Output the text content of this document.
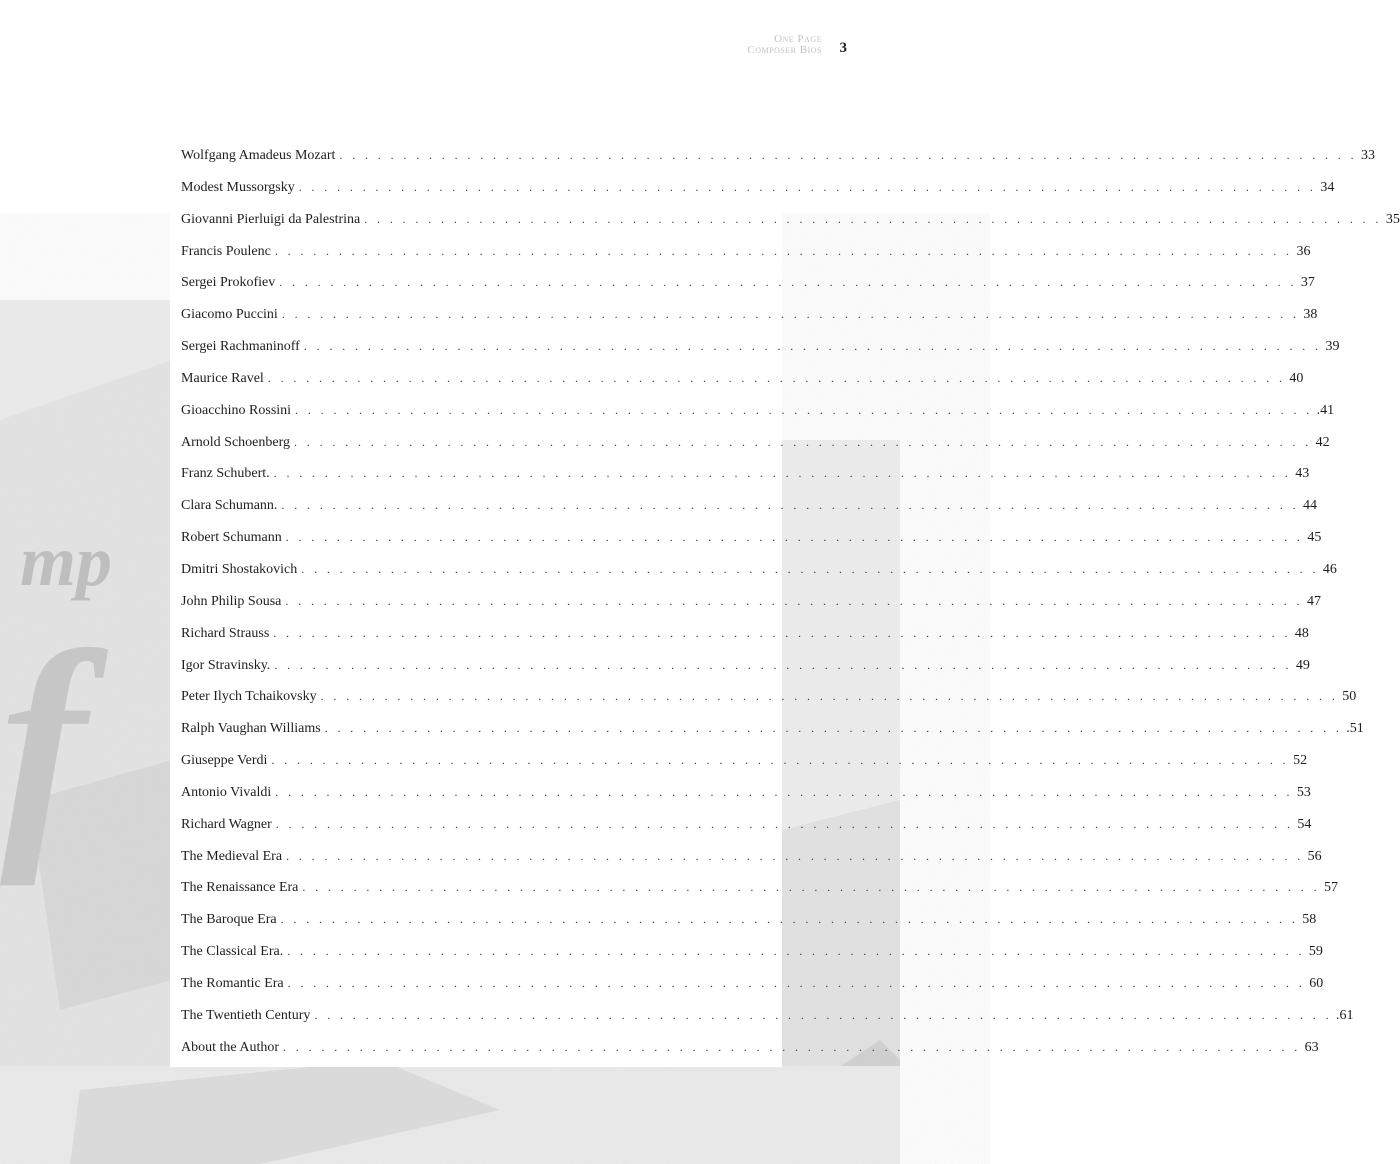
One Page
Composer Bios 3
Wolfgang Amadeus Mozart . . . . . . . . . . . . . . . . . . . . . . . . . . . . . . . . . . . . . . . . . . . . . . . . . . . . . . . . . . . . . . . . . . . . . . . . . . . . . . . . 33
Modest Mussorgsky . . . . . . . . . . . . . . . . . . . . . . . . . . . . . . . . . . . . . . . . . . . . . . . . . . . . . . . . . . . . . . . . . . . . . . . . . . . . . . . . 34
Giovanni Pierluigi da Palestrina . . . . . . . . . . . . . . . . . . . . . . . . . . . . . . . . . . . . . . . . . . . . . . . . . . . . . . . . . . . . . . . . . . . . . . . . . . . . . . . . 35
Francis Poulenc . . . . . . . . . . . . . . . . . . . . . . . . . . . . . . . . . . . . . . . . . . . . . . . . . . . . . . . . . . . . . . . . . . . . . . . . . . . . . . . . 36
Sergei Prokofiev . . . . . . . . . . . . . . . . . . . . . . . . . . . . . . . . . . . . . . . . . . . . . . . . . . . . . . . . . . . . . . . . . . . . . . . . . . . . . . . . 37
Giacomo Puccini . . . . . . . . . . . . . . . . . . . . . . . . . . . . . . . . . . . . . . . . . . . . . . . . . . . . . . . . . . . . . . . . . . . . . . . . . . . . . . . . 38
Sergei Rachmaninoff . . . . . . . . . . . . . . . . . . . . . . . . . . . . . . . . . . . . . . . . . . . . . . . . . . . . . . . . . . . . . . . . . . . . . . . . . . . . . . . . 39
Maurice Ravel . . . . . . . . . . . . . . . . . . . . . . . . . . . . . . . . . . . . . . . . . . . . . . . . . . . . . . . . . . . . . . . . . . . . . . . . . . . . . . . . 40
Gioacchino Rossini . . . . . . . . . . . . . . . . . . . . . . . . . . . . . . . . . . . . . . . . . . . . . . . . . . . . . . . . . . . . . . . . . . . . . . . . . . . . . . . . .41
Arnold Schoenberg . . . . . . . . . . . . . . . . . . . . . . . . . . . . . . . . . . . . . . . . . . . . . . . . . . . . . . . . . . . . . . . . . . . . . . . . . . . . . . . . 42
Franz Schubert. . . . . . . . . . . . . . . . . . . . . . . . . . . . . . . . . . . . . . . . . . . . . . . . . . . . . . . . . . . . . . . . . . . . . . . . . . . . . . . . . 43
Clara Schumann. . . . . . . . . . . . . . . . . . . . . . . . . . . . . . . . . . . . . . . . . . . . . . . . . . . . . . . . . . . . . . . . . . . . . . . . . . . . . . . . . 44
Robert Schumann . . . . . . . . . . . . . . . . . . . . . . . . . . . . . . . . . . . . . . . . . . . . . . . . . . . . . . . . . . . . . . . . . . . . . . . . . . . . . . . . 45
Dmitri Shostakovich . . . . . . . . . . . . . . . . . . . . . . . . . . . . . . . . . . . . . . . . . . . . . . . . . . . . . . . . . . . . . . . . . . . . . . . . . . . . . . . . 46
John Philip Sousa . . . . . . . . . . . . . . . . . . . . . . . . . . . . . . . . . . . . . . . . . . . . . . . . . . . . . . . . . . . . . . . . . . . . . . . . . . . . . . . . 47
Richard Strauss . . . . . . . . . . . . . . . . . . . . . . . . . . . . . . . . . . . . . . . . . . . . . . . . . . . . . . . . . . . . . . . . . . . . . . . . . . . . . . . . 48
Igor Stravinsky. . . . . . . . . . . . . . . . . . . . . . . . . . . . . . . . . . . . . . . . . . . . . . . . . . . . . . . . . . . . . . . . . . . . . . . . . . . . . . . . . 49
Peter Ilych Tchaikovsky . . . . . . . . . . . . . . . . . . . . . . . . . . . . . . . . . . . . . . . . . . . . . . . . . . . . . . . . . . . . . . . . . . . . . . . . . . . . . . . . 50
Ralph Vaughan Williams . . . . . . . . . . . . . . . . . . . . . . . . . . . . . . . . . . . . . . . . . . . . . . . . . . . . . . . . . . . . . . . . . . . . . . . . . . . . . . . . .51
Giuseppe Verdi . . . . . . . . . . . . . . . . . . . . . . . . . . . . . . . . . . . . . . . . . . . . . . . . . . . . . . . . . . . . . . . . . . . . . . . . . . . . . . . . 52
Antonio Vivaldi . . . . . . . . . . . . . . . . . . . . . . . . . . . . . . . . . . . . . . . . . . . . . . . . . . . . . . . . . . . . . . . . . . . . . . . . . . . . . . . . 53
Richard Wagner . . . . . . . . . . . . . . . . . . . . . . . . . . . . . . . . . . . . . . . . . . . . . . . . . . . . . . . . . . . . . . . . . . . . . . . . . . . . . . . . 54
The Medieval Era . . . . . . . . . . . . . . . . . . . . . . . . . . . . . . . . . . . . . . . . . . . . . . . . . . . . . . . . . . . . . . . . . . . . . . . . . . . . . . . . 56
The Renaissance Era . . . . . . . . . . . . . . . . . . . . . . . . . . . . . . . . . . . . . . . . . . . . . . . . . . . . . . . . . . . . . . . . . . . . . . . . . . . . . . . . 57
The Baroque Era . . . . . . . . . . . . . . . . . . . . . . . . . . . . . . . . . . . . . . . . . . . . . . . . . . . . . . . . . . . . . . . . . . . . . . . . . . . . . . . . 58
The Classical Era. . . . . . . . . . . . . . . . . . . . . . . . . . . . . . . . . . . . . . . . . . . . . . . . . . . . . . . . . . . . . . . . . . . . . . . . . . . . . . . . . 59
The Romantic Era . . . . . . . . . . . . . . . . . . . . . . . . . . . . . . . . . . . . . . . . . . . . . . . . . . . . . . . . . . . . . . . . . . . . . . . . . . . . . . . . 60
The Twentieth Century . . . . . . . . . . . . . . . . . . . . . . . . . . . . . . . . . . . . . . . . . . . . . . . . . . . . . . . . . . . . . . . . . . . . . . . . . . . . . . . . .61
About the Author . . . . . . . . . . . . . . . . . . . . . . . . . . . . . . . . . . . . . . . . . . . . . . . . . . . . . . . . . . . . . . . . . . . . . . . . . . . . . . . . 63
